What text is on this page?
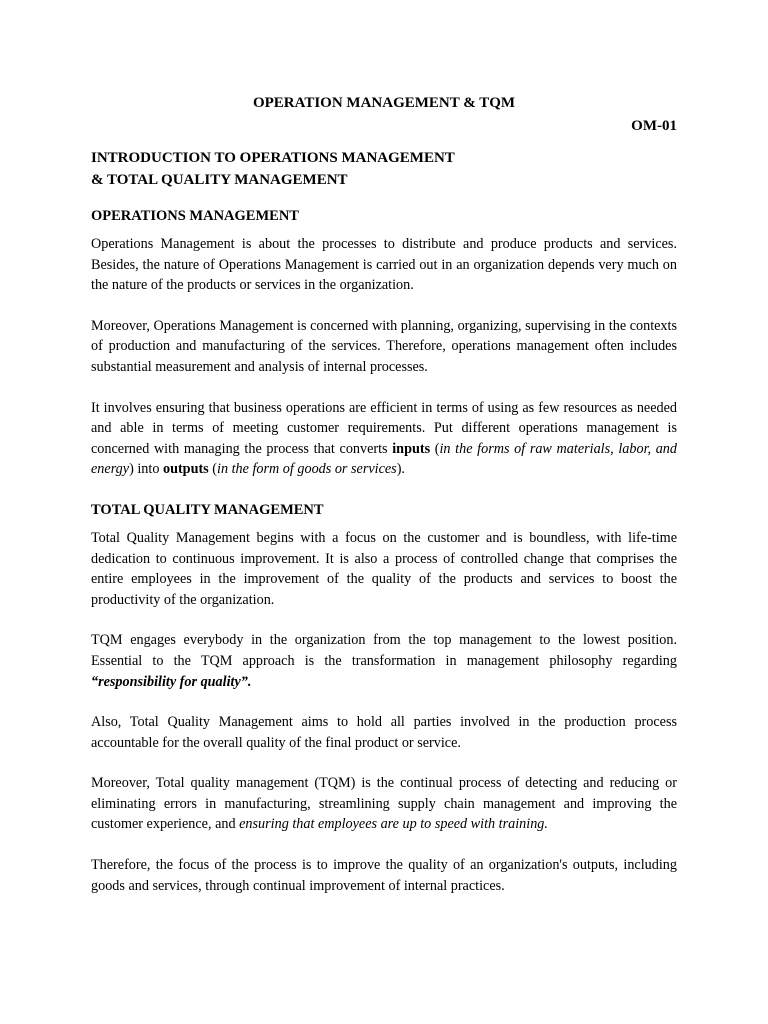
OPERATION MANAGEMENT & TQM
OM-01
INTRODUCTION TO OPERATIONS MANAGEMENT
& TOTAL QUALITY MANAGEMENT
OPERATIONS MANAGEMENT

Operations Management is about the processes to distribute and produce products and services. Besides, the nature of Operations Management is carried out in an organization depends very much on the nature of the products or services in the organization.

Moreover, Operations Management is concerned with planning, organizing, supervising in the contexts of production and manufacturing of the services. Therefore, operations management often includes substantial measurement and analysis of internal processes.

It involves ensuring that business operations are efficient in terms of using as few resources as needed and able in terms of meeting customer requirements. Put different operations management is concerned with managing the process that converts inputs (in the forms of raw materials, labor, and energy) into outputs (in the form of goods or services).

TOTAL QUALITY MANAGEMENT

Total Quality Management begins with a focus on the customer and is boundless, with life-time dedication to continuous improvement. It is also a process of controlled change that comprises the entire employees in the improvement of the quality of the products and services to boost the productivity of the organization.

TQM engages everybody in the organization from the top management to the lowest position. Essential to the TQM approach is the transformation in management philosophy regarding “responsibility for quality”.

Also, Total Quality Management aims to hold all parties involved in the production process accountable for the overall quality of the final product or service.

Moreover, Total quality management (TQM) is the continual process of detecting and reducing or eliminating errors in manufacturing, streamlining supply chain management and improving the customer experience, and ensuring that employees are up to speed with training.

Therefore, the focus of the process is to improve the quality of an organization's outputs, including goods and services, through continual improvement of internal practices.
